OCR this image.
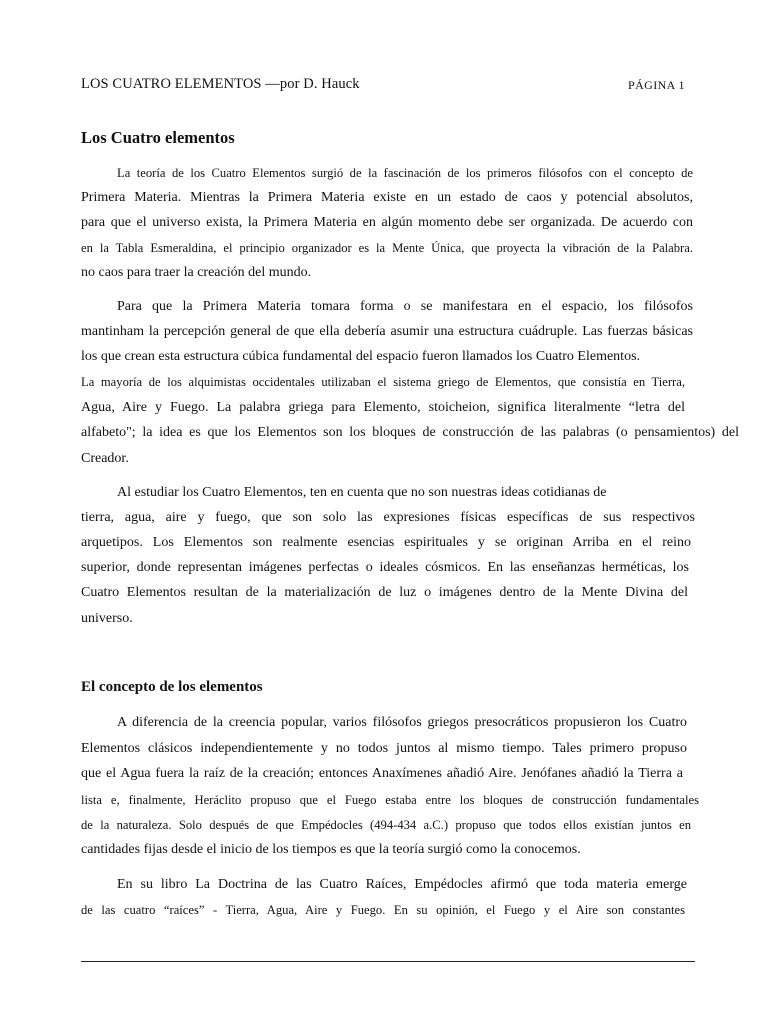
LOS CUATRO ELEMENTOS —por D. Hauck	PÁGINA 1
Los Cuatro elementos
La teoría de los Cuatro Elementos surgió de la fascinación de los primeros filósofos con el concepto de
Primera Materia. Mientras la Primera Materia existe en un estado de caos y potencial absolutos,
para que el universo exista, la Primera Materia en algún momento debe ser organizada. De acuerdo con
en la Tabla Esmeraldina, el principio organizador es la Mente Única, que proyecta la vibración de la Palabra.
no caos para traer la creación del mundo.
Para que la Primera Materia tomara forma o se manifestara en el espacio, los filósofos
mantinham la percepción general de que ella debería asumir una estructura cuádruple. Las fuerzas básicas
los que crean esta estructura cúbica fundamental del espacio fueron llamados los Cuatro Elementos.
La mayoría de los alquimistas occidentales utilizaban el sistema griego de Elementos, que consistía en Tierra,
Agua, Aire y Fuego. La palabra griega para Elemento, stoicheion, significa literalmente “letra del
alfabeto"; la idea es que los Elementos son los bloques de construcción de las palabras (o pensamientos) del
Creador.
Al estudiar los Cuatro Elementos, ten en cuenta que no son nuestras ideas cotidianas de
tierra, agua, aire y fuego, que son solo las expresiones físicas específicas de sus respectivos
arquetipos. Los Elementos son realmente esencias espirituales y se originan Arriba en el reino
superior, donde representan imágenes perfectas o ideales cósmicos. En las enseñanzas herméticas, los
Cuatro Elementos resultan de la materialización de luz o imágenes dentro de la Mente Divina del
universo.
El concepto de los elementos
A diferencia de la creencia popular, varios filósofos griegos presocráticos propusieron los Cuatro
Elementos clásicos independientemente y no todos juntos al mismo tiempo. Tales primero propuso
que el Agua fuera la raíz de la creación; entonces Anaxímenes añadió Aire. Jenófanes añadió la Tierra a
lista e, finalmente, Heráclito propuso que el Fuego estaba entre los bloques de construcción fundamentales
de la naturaleza. Solo después de que Empédocles (494-434 a.C.) propuso que todos ellos existían juntos en
cantidades fijas desde el inicio de los tiempos es que la teoría surgió como la conocemos.
En su libro La Doctrina de las Cuatro Raíces, Empédocles afirmó que toda materia emerge
de las cuatro “raíces” - Tierra, Agua, Aire y Fuego. En su opinión, el Fuego y el Aire son constantes
